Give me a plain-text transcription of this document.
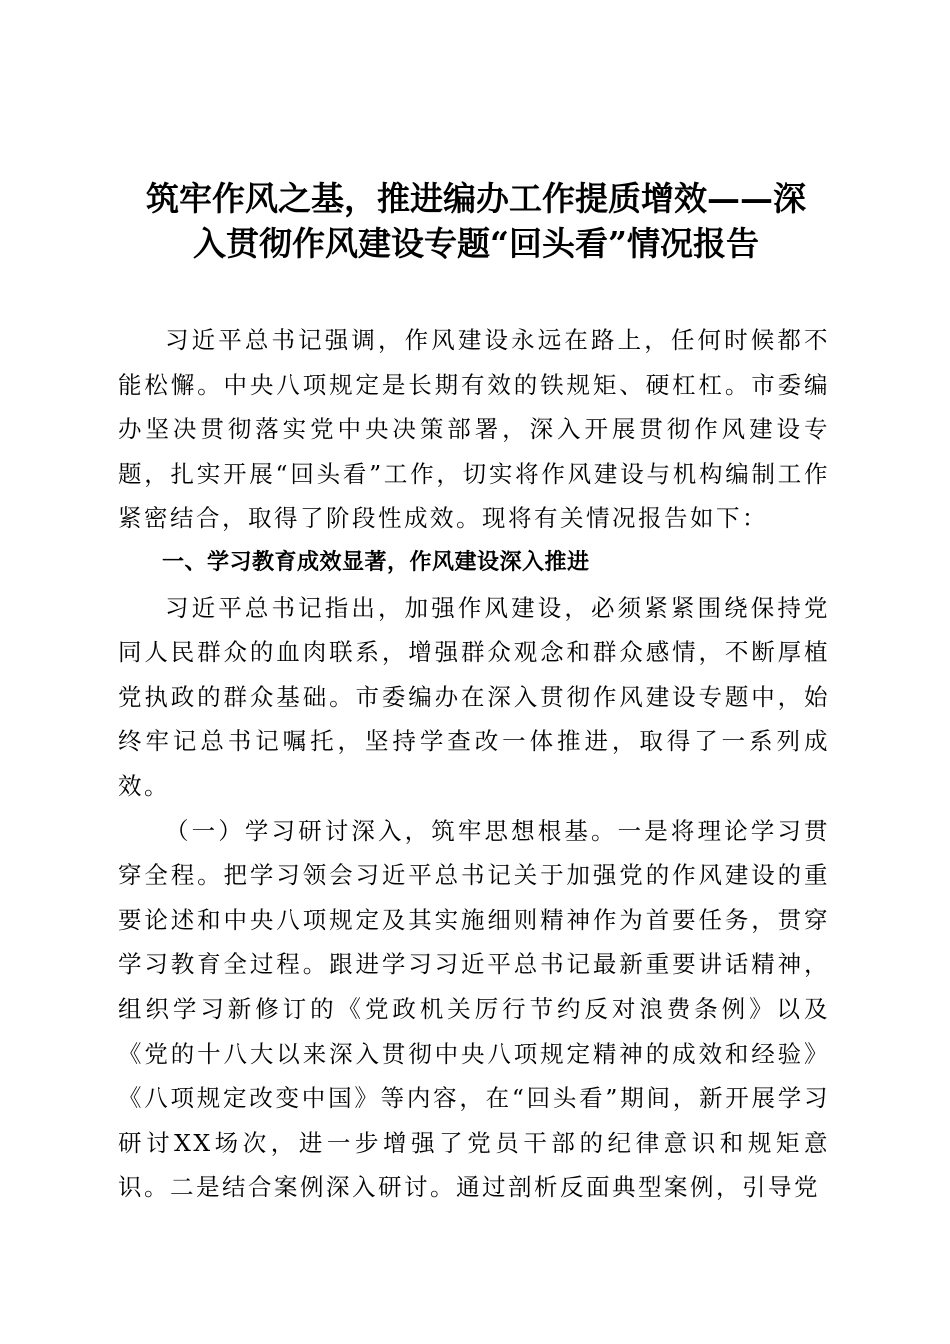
筑牢作风之基，推进编办工作提质增效——深
入贯彻作风建设专题“回头看”情况报告

习近平总书记强调，作风建设永远在路上，任何时候都不能松懈。中央八项规定是长期有效的铁规矩、硬杠杠。市委编办坚决贯彻落实党中央决策部署，深入开展贯彻作风建设专题，扎实开展“回头看”工作，切实将作风建设与机构编制工作紧密结合，取得了阶段性成效。现将有关情况报告如下：

一、学习教育成效显著，作风建设深入推进

习近平总书记指出，加强作风建设，必须紧紧围绕保持党同人民群众的血肉联系，增强群众观念和群众感情，不断厚植党执政的群众基础。市委编办在深入贯彻作风建设专题中，始终牢记总书记嘱托，坚持学查改一体推进，取得了一系列成效。

（一）学习研讨深入，筑牢思想根基。一是将理论学习贯穿全程。把学习领会习近平总书记关于加强党的作风建设的重要论述和中央八项规定及其实施细则精神作为首要任务，贯穿学习教育全过程。跟进学习习近平总书记最新重要讲话精神，组织学习新修订的《党政机关厉行节约反对浪费条例》以及《党的十八大以来深入贯彻中央八项规定精神的成效和经验》《八项规定改变中国》等内容，在“回头看”期间，新开展学习研讨XX场次，进一步增强了党员干部的纪律意识和规矩意识。二是结合案例深入研讨。通过剖析反面典型案例，引导党
